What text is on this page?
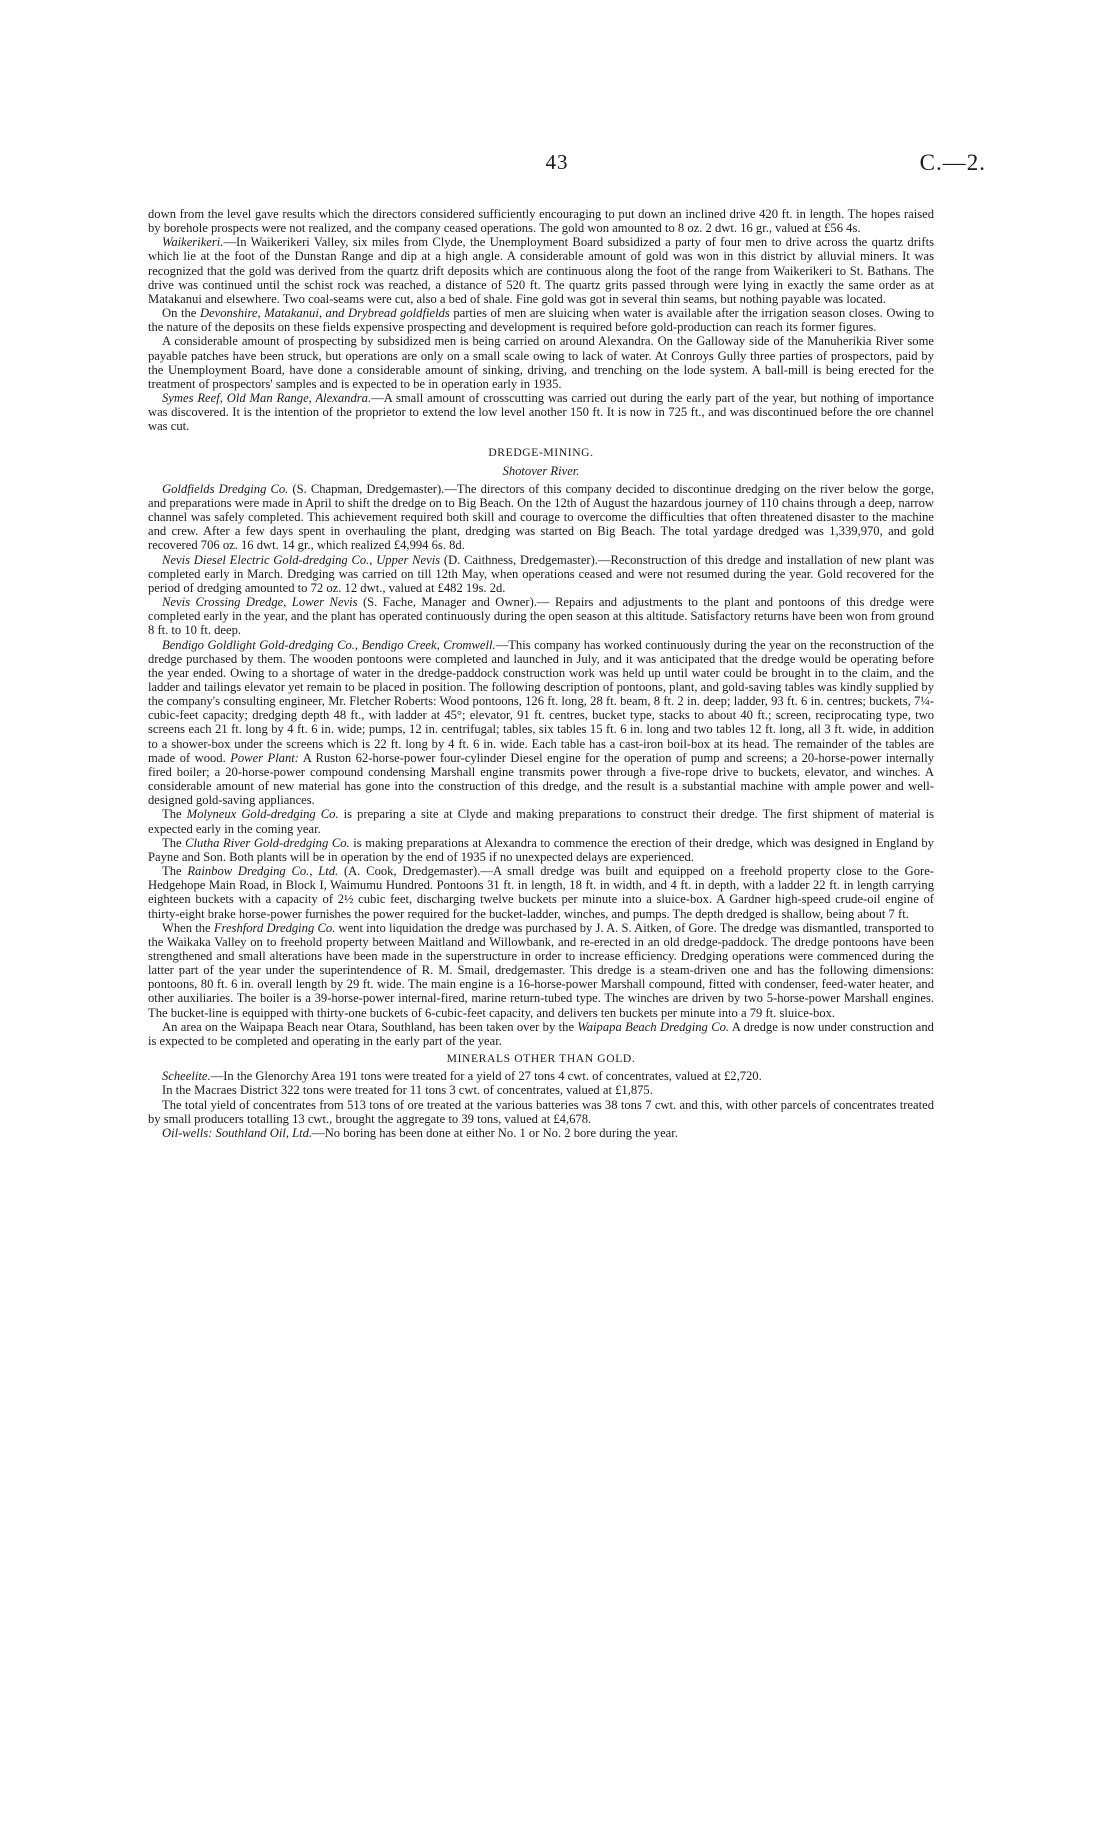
43	C.—2.

down from the level gave results which the directors considered sufficiently encouraging to put down an inclined drive 420 ft. in length. The hopes raised by borehole prospects were not realized, and the company ceased operations. The gold won amounted to 8 oz. 2 dwt. 16 gr., valued at £56 4s.

Waikerikeri.—In Waikerikeri Valley, six miles from Clyde, the Unemployment Board subsidized a party of four men to drive across the quartz drifts which lie at the foot of the Dunstan Range and dip at a high angle. A considerable amount of gold was won in this district by alluvial miners. It was recognized that the gold was derived from the quartz drift deposits which are continuous along the foot of the range from Waikerikeri to St. Bathans. The drive was continued until the schist rock was reached, a distance of 520 ft. The quartz grits passed through were lying in exactly the same order as at Matakanui and elsewhere. Two coal-seams were cut, also a bed of shale. Fine gold was got in several thin seams, but nothing payable was located.

On the Devonshire, Matakanui, and Drybread goldfields parties of men are sluicing when water is available after the irrigation season closes. Owing to the nature of the deposits on these fields expensive prospecting and development is required before gold-production can reach its former figures.

A considerable amount of prospecting by subsidized men is being carried on around Alexandra. On the Galloway side of the Manuherikia River some payable patches have been struck, but operations are only on a small scale owing to lack of water. At Conroys Gully three parties of prospectors, paid by the Unemployment Board, have done a considerable amount of sinking, driving, and trenching on the lode system. A ball-mill is being erected for the treatment of prospectors' samples and is expected to be in operation early in 1935.

Symes Reef, Old Man Range, Alexandra.—A small amount of crosscutting was carried out during the early part of the year, but nothing of importance was discovered. It is the intention of the proprietor to extend the low level another 150 ft. It is now in 725 ft., and was discontinued before the ore channel was cut.

DREDGE-MINING.

Shotover River.

Goldfields Dredging Co. (S. Chapman, Dredgemaster).—The directors of this company decided to discontinue dredging on the river below the gorge, and preparations were made in April to shift the dredge on to Big Beach. On the 12th of August the hazardous journey of 110 chains through a deep, narrow channel was safely completed. This achievement required both skill and courage to overcome the difficulties that often threatened disaster to the machine and crew. After a few days spent in overhauling the plant, dredging was started on Big Beach. The total yardage dredged was 1,339,970, and gold recovered 706 oz. 16 dwt. 14 gr., which realized £4,994 6s. 8d.

Nevis Diesel Electric Gold-dredging Co., Upper Nevis (D. Caithness, Dredgemaster).—Reconstruction of this dredge and installation of new plant was completed early in March. Dredging was carried on till 12th May, when operations ceased and were not resumed during the year. Gold recovered for the period of dredging amounted to 72 oz. 12 dwt., valued at £482 19s. 2d.

Nevis Crossing Dredge, Lower Nevis (S. Fache, Manager and Owner).— Repairs and adjustments to the plant and pontoons of this dredge were completed early in the year, and the plant has operated continuously during the open season at this altitude. Satisfactory returns have been won from ground 8 ft. to 10 ft. deep.

Bendigo Goldlight Gold-dredging Co., Bendigo Creek, Cromwell.—This company has worked continuously during the year on the reconstruction of the dredge purchased by them. The wooden pontoons were completed and launched in July, and it was anticipated that the dredge would be operating before the year ended. Owing to a shortage of water in the dredge-paddock construction work was held up until water could be brought in to the claim, and the ladder and tailings elevator yet remain to be placed in position. The following description of pontoons, plant, and gold-saving tables was kindly supplied by the company's consulting engineer, Mr. Fletcher Roberts: Wood pontoons, 126 ft. long, 28 ft. beam, 8 ft. 2 in. deep; ladder, 93 ft. 6 in. centres; buckets, 7¼-cubic-feet capacity; dredging depth 48 ft., with ladder at 45°; elevator, 91 ft. centres, bucket type, stacks to about 40 ft.; screen, reciprocating type, two screens each 21 ft. long by 4 ft. 6 in. wide; pumps, 12 in. centrifugal; tables, six tables 15 ft. 6 in. long and two tables 12 ft. long, all 3 ft. wide, in addition to a shower-box under the screens which is 22 ft. long by 4 ft. 6 in. wide. Each table has a cast-iron boil-box at its head. The remainder of the tables are made of wood. Power Plant: A Ruston 62-horse-power four-cylinder Diesel engine for the operation of pump and screens; a 20-horse-power internally fired boiler; a 20-horse-power compound condensing Marshall engine transmits power through a five-rope drive to buckets, elevator, and winches. A considerable amount of new material has gone into the construction of this dredge, and the result is a substantial machine with ample power and well-designed gold-saving appliances.

The Molyneux Gold-dredging Co. is preparing a site at Clyde and making preparations to construct their dredge. The first shipment of material is expected early in the coming year.

The Clutha River Gold-dredging Co. is making preparations at Alexandra to commence the erection of their dredge, which was designed in England by Payne and Son. Both plants will be in operation by the end of 1935 if no unexpected delays are experienced.

The Rainbow Dredging Co., Ltd. (A. Cook, Dredgemaster).—A small dredge was built and equipped on a freehold property close to the Gore-Hedgehope Main Road, in Block I, Waimumu Hundred. Pontoons 31 ft. in length, 18 ft. in width, and 4 ft. in depth, with a ladder 22 ft. in length carrying eighteen buckets with a capacity of 2½ cubic feet, discharging twelve buckets per minute into a sluice-box. A Gardner high-speed crude-oil engine of thirty-eight brake horse-power furnishes the power required for the bucket-ladder, winches, and pumps. The depth dredged is shallow, being about 7 ft.

When the Freshford Dredging Co. went into liquidation the dredge was purchased by J. A. S. Aitken, of Gore. The dredge was dismantled, transported to the Waikaka Valley on to freehold property between Maitland and Willowbank, and re-erected in an old dredge-paddock. The dredge pontoons have been strengthened and small alterations have been made in the superstructure in order to increase efficiency. Dredging operations were commenced during the latter part of the year under the superintendence of R. M. Smail, dredgemaster. This dredge is a steam-driven one and has the following dimensions: pontoons, 80 ft. 6 in. overall length by 29 ft. wide. The main engine is a 16-horse-power Marshall compound, fitted with condenser, feed-water heater, and other auxiliaries. The boiler is a 39-horse-power internal-fired, marine return-tubed type. The winches are driven by two 5-horse-power Marshall engines. The bucket-line is equipped with thirty-one buckets of 6-cubic-feet capacity, and delivers ten buckets per minute into a 79 ft. sluice-box.

An area on the Waipapa Beach near Otara, Southland, has been taken over by the Waipapa Beach Dredging Co. A dredge is now under construction and is expected to be completed and operating in the early part of the year.

MINERALS OTHER THAN GOLD.

Scheelite.—In the Glenorchy Area 191 tons were treated for a yield of 27 tons 4 cwt. of concentrates, valued at £2,720.

In the Macraes District 322 tons were treated for 11 tons 3 cwt. of concentrates, valued at £1,875.

The total yield of concentrates from 513 tons of ore treated at the various batteries was 38 tons 7 cwt. and this, with other parcels of concentrates treated by small producers totalling 13 cwt., brought the aggregate to 39 tons, valued at £4,678.

Oil-wells: Southland Oil, Ltd.—No boring has been done at either No. 1 or No. 2 bore during the year.
